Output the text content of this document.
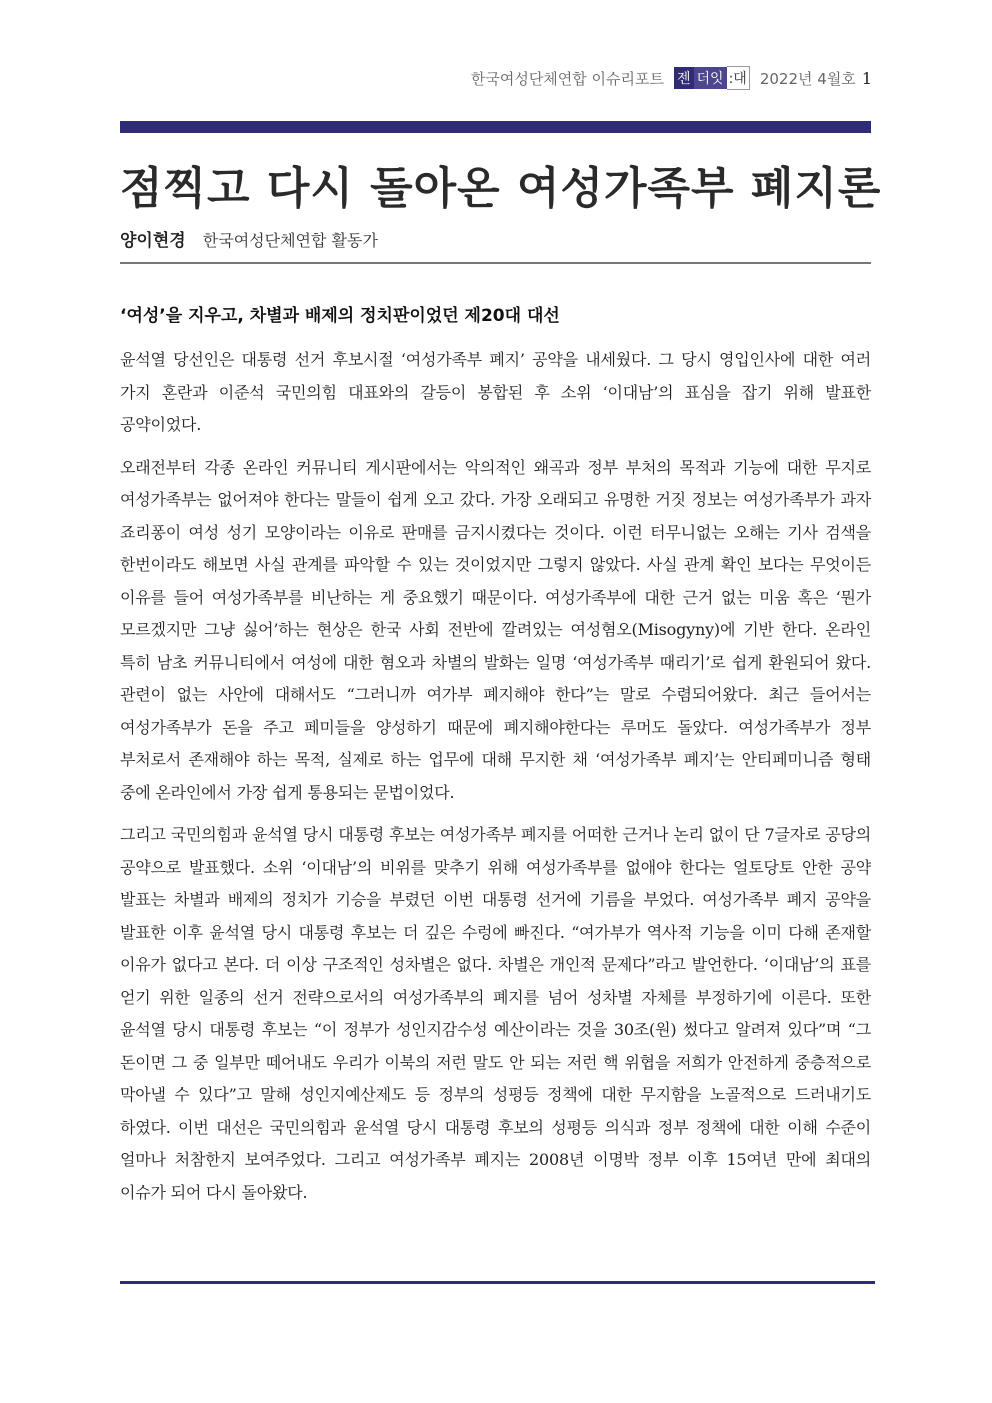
한국여성단체연합 이슈리포트 젠 더잇 :대 2022년 4월호 1
점찍고 다시 돌아온 여성가족부 폐지론
양이현경 한국여성단체연합 활동가
‘여성’을 지우고, 차별과 배제의 정치판이었던 제20대 대선

윤석열 당선인은 대통령 선거 후보시절 ‘여성가족부 폐지’ 공약을 내세웠다. 그 당시 영입인사에 대한 여러 가지 혼란과 이준석 국민의힘 대표와의 갈등이 봉합된 후 소위 ‘이대남’의 표심을 잡기 위해 발표한 공약이었다.

오래전부터 각종 온라인 커뮤니티 게시판에서는 악의적인 왜곡과 정부 부처의 목적과 기능에 대한 무지로 여성가족부는 없어져야 한다는 말들이 쉽게 오고 갔다. 가장 오래되고 유명한 거짓 정보는 여성가족부가 과자 죠리퐁이 여성 성기 모양이라는 이유로 판매를 금지시켰다는 것이다. 이런 터무니없는 오해는 기사 검색을 한번이라도 해보면 사실 관계를 파악할 수 있는 것이었지만 그렇지 않았다. 사실 관계 확인 보다는 무엇이든 이유를 들어 여성가족부를 비난하는 게 중요했기 때문이다. 여성가족부에 대한 근거 없는 미움 혹은 ‘뭔가 모르겠지만 그냥 싫어’하는 현상은 한국 사회 전반에 깔려있는 여성혐오(Misogyny)에 기반 한다. 온라인 특히 남초 커뮤니티에서 여성에 대한 혐오과 차별의 발화는 일명 ‘여성가족부 때리기’로 쉽게 환원되어 왔다. 관련이 없는 사안에 대해서도 “그러니까 여가부 폐지해야 한다”는 말로 수렴되어왔다. 최근 들어서는 여성가족부가 돈을 주고 페미들을 양성하기 때문에 폐지해야한다는 루머도 돌았다. 여성가족부가 정부 부처로서 존재해야 하는 목적, 실제로 하는 업무에 대해 무지한 채 ‘여성가족부 폐지’는 안티페미니즘 형태 중에 온라인에서 가장 쉽게 통용되는 문법이었다.

그리고 국민의힘과 윤석열 당시 대통령 후보는 여성가족부 폐지를 어떠한 근거나 논리 없이 단 7글자로 공당의 공약으로 발표했다. 소위 ‘이대남’의 비위를 맞추기 위해 여성가족부를 없애야 한다는 얼토당토 안한 공약 발표는 차별과 배제의 정치가 기승을 부렸던 이번 대통령 선거에 기름을 부었다. 여성가족부 폐지 공약을 발표한 이후 윤석열 당시 대통령 후보는 더 깊은 수렁에 빠진다. “여가부가 역사적 기능을 이미 다해 존재할 이유가 없다고 본다. 더 이상 구조적인 성차별은 없다. 차별은 개인적 문제다”라고 발언한다. ‘이대남’의 표를 얻기 위한 일종의 선거 전략으로서의 여성가족부의 폐지를 넘어 성차별 자체를 부정하기에 이른다. 또한 윤석열 당시 대통령 후보는 “이 정부가 성인지감수성 예산이라는 것을 30조(원) 썼다고 알려져 있다”며 “그 돈이면 그 중 일부만 떼어내도 우리가 이북의 저런 말도 안 되는 저런 핵 위협을 저희가 안전하게 중층적으로 막아낼 수 있다”고 말해 성인지예산제도 등 정부의 성평등 정책에 대한 무지함을 노골적으로 드러내기도 하였다. 이번 대선은 국민의힘과 윤석열 당시 대통령 후보의 성평등 의식과 정부 정책에 대한 이해 수준이 얼마나 처참한지 보여주었다. 그리고 여성가족부 폐지는 2008년 이명박 정부 이후 15여년 만에 최대의 이슈가 되어 다시 돌아왔다.
